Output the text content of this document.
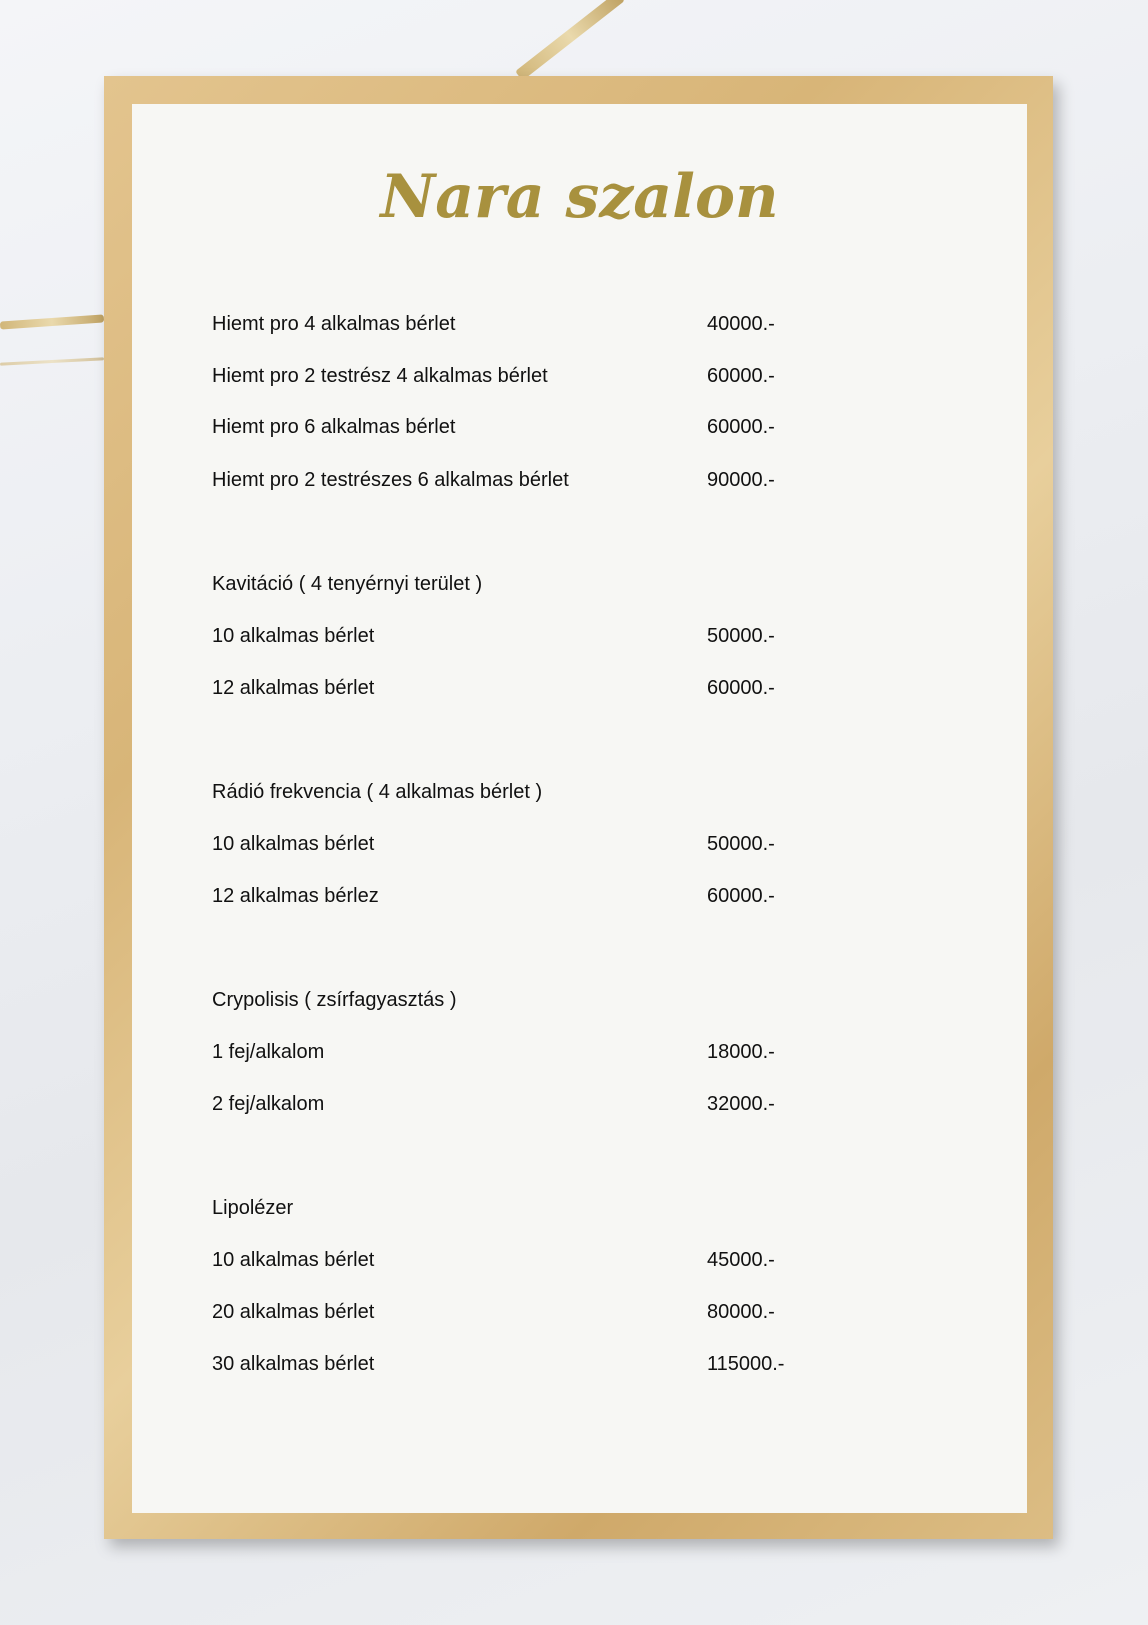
Nara szalon
Hiemt pro 4 alkalmas bérlet	40000.-
Hiemt pro 2 testrész 4 alkalmas bérlet	60000.-
Hiemt pro 6 alkalmas bérlet	60000.-
Hiemt pro 2 testrészes 6 alkalmas bérlet	90000.-
Kavitáció ( 4 tenyérnyi terület )
10 alkalmas bérlet	50000.-
12 alkalmas bérlet	60000.-
Rádió frekvencia ( 4 alkalmas bérlet )
10 alkalmas bérlet	50000.-
12 alkalmas bérlez	60000.-
Crypolisis ( zsírfagyasztás )
1 fej/alkalom	18000.-
2 fej/alkalom	32000.-
Lipolézer
10 alkalmas bérlet	45000.-
20 alkalmas bérlet	80000.-
30 alkalmas bérlet	115000.-
